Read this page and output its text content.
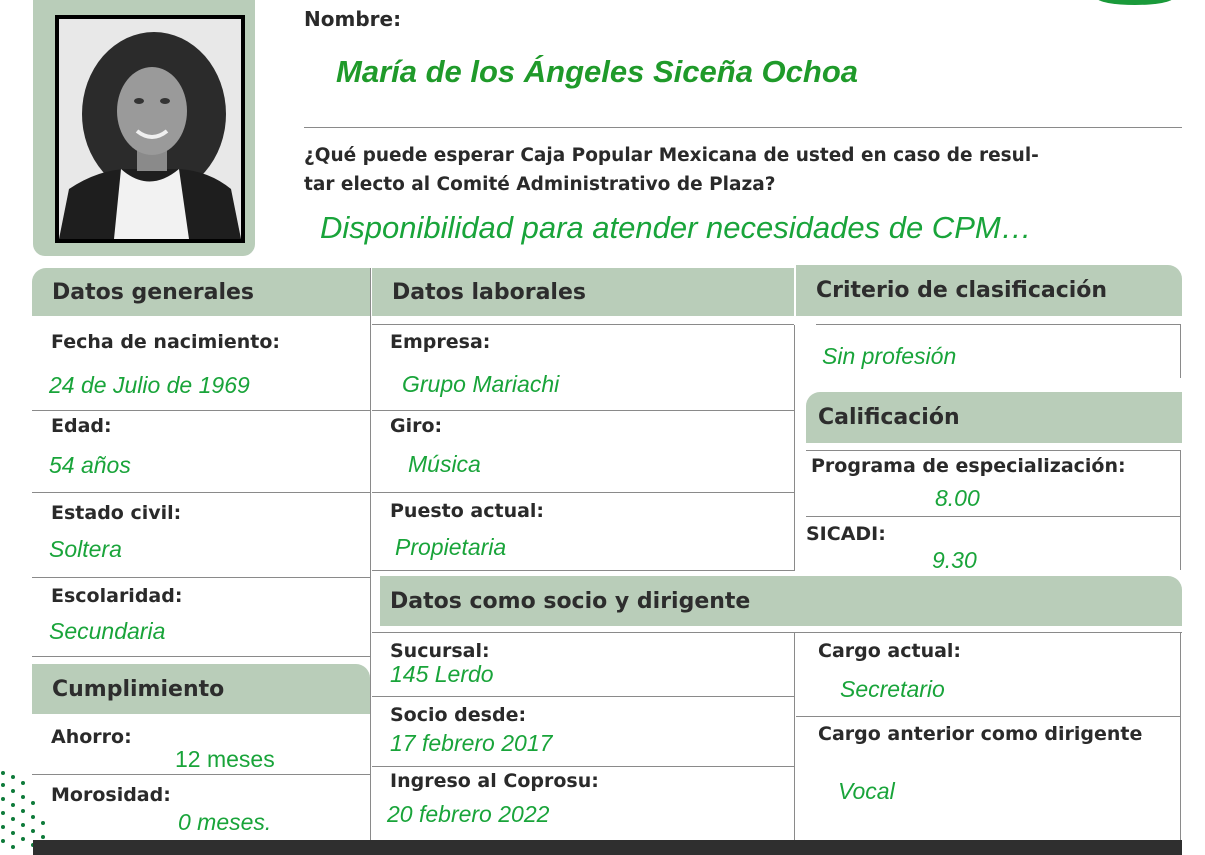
Nombre:
María de los Ángeles Siceña Ochoa
¿Qué puede esperar Caja Popular Mexicana de usted en caso de resul-
tar electo al Comité Administrativo de Plaza?
Disponibilidad para atender necesidades de CPM…
Datos generales	Datos laborales	Criterio de clasificación
Fecha de nacimiento:
24 de Julio de 1969
Edad:
54 años
Estado civil:
Soltera
Escolaridad:
Secundaria
Cumplimiento
Ahorro:
12 meses
Morosidad:
0 meses.
Empresa:
Grupo Mariachi
Giro:
Música
Puesto actual:
Propietaria
Sin profesión
Calificación
Programa de especialización:
8.00
SICADI:
9.30
Datos como socio y dirigente
Sucursal:
145 Lerdo
Socio desde:
17 febrero 2017
Ingreso al Coprosu:
20 febrero 2022
Cargo actual:
Secretario
Cargo anterior como dirigente
Vocal
